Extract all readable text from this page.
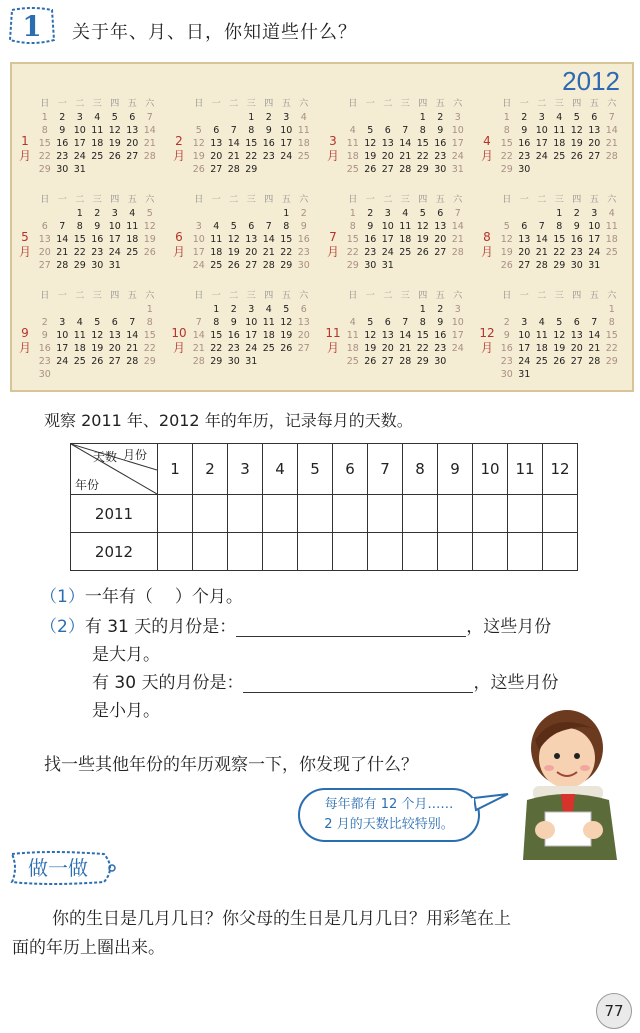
1	关于年、月、日，你知道些什么？
2012
1月
日	一	二	三	四	五	六
1	2	3	4	5	6	7
8	9	10	11	12	13	14
15	16	17	18	19	20	21
22	23	24	25	26	27	28
29	30	31				
2月
日	一	二	三	四	五	六
			1	2	3	4
5	6	7	8	9	10	11
12	13	14	15	16	17	18
19	20	21	22	23	24	25
26	27	28	29			
3月
日	一	二	三	四	五	六
				1	2	3
4	5	6	7	8	9	10
11	12	13	14	15	16	17
18	19	20	21	22	23	24
25	26	27	28	29	30	31
4月
日	一	二	三	四	五	六
1	2	3	4	5	6	7
8	9	10	11	12	13	14
15	16	17	18	19	20	21
22	23	24	25	26	27	28
29	30					
5月
日	一	二	三	四	五	六
		1	2	3	4	5
6	7	8	9	10	11	12
13	14	15	16	17	18	19
20	21	22	23	24	25	26
27	28	29	30	31		
6月
日	一	二	三	四	五	六
					1	2
3	4	5	6	7	8	9
10	11	12	13	14	15	16
17	18	19	20	21	22	23
24	25	26	27	28	29	30
7月
日	一	二	三	四	五	六
1	2	3	4	5	6	7
8	9	10	11	12	13	14
15	16	17	18	19	20	21
22	23	24	25	26	27	28
29	30	31				
8月
日	一	二	三	四	五	六
			1	2	3	4
5	6	7	8	9	10	11
12	13	14	15	16	17	18
19	20	21	22	23	24	25
26	27	28	29	30	31	
9月
日	一	二	三	四	五	六
						1
2	3	4	5	6	7	8
9	10	11	12	13	14	15
16	17	18	19	20	21	22
23	24	25	26	27	28	29
30						
10月
日	一	二	三	四	五	六
	1	2	3	4	5	6
7	8	9	10	11	12	13
14	15	16	17	18	19	20
21	22	23	24	25	26	27
28	29	30	31			
11月
日	一	二	三	四	五	六
				1	2	3
4	5	6	7	8	9	10
11	12	13	14	15	16	17
18	19	20	21	22	23	24
25	26	27	28	29	30	
12月
日	一	二	三	四	五	六
						1
2	3	4	5	6	7	8
9	10	11	12	13	14	15
16	17	18	19	20	21	22
23	24	25	26	27	28	29
30	31					
观察 2011 年、2012 年的年历，记录每月的天数。
天数 月份
年份	1	2	3	4	5	6	7	8	9	10	11	12
2011												
2012												
（1）一年有（ ）个月。
（2）有 31 天的月份是：	，这些月份
是大月。
有 30 天的月份是：	，这些月份
是小月。
找一些其他年份的年历观察一下，你发现了什么？
每年都有 12 个月……
2 月的天数比较特别。
做一做
你的生日是几月几日？你父母的生日是几月几日？用彩笔在上
面的年历上圈出来。
77
